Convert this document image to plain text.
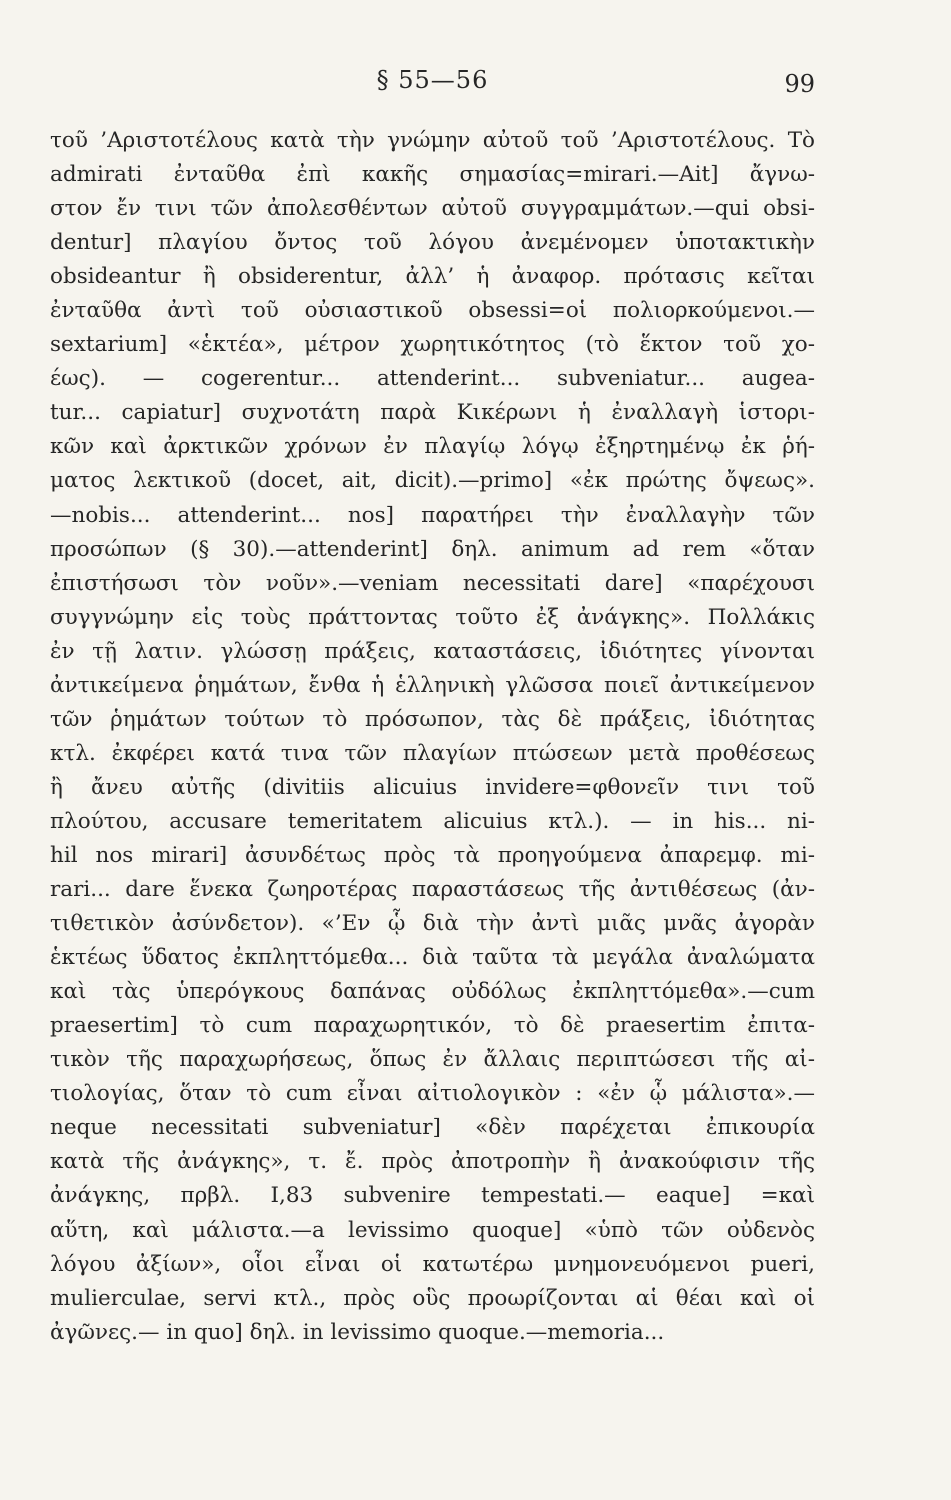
§ 55—56	99
τοῦ ’Αριστοτέλους κατὰ τὴν γνώμην αὐτοῦ τοῦ ’Αριστοτέλους. Τὸ
admirati ἐνταῦθα ἐπὶ κακῆς σημασίας=mirari.—Ait] ἄγνω-
στον ἔν τινι τῶν ἀπολεσθέντων αὐτοῦ συγγραμμάτων.—qui obsi-
dentur] πλαγίου ὄντος τοῦ λόγου ἀνεμένομεν ὑποτακτικὴν
obsideantur ἢ obsiderentur, ἀλλ’ ἡ ἀναφορ. πρότασις κεῖται
ἐνταῦθα ἀντὶ τοῦ οὐσιαστικοῦ obsessi=οἱ πολιορκούμενοι.—
sextarium] «ἑκτέα», μέτρον χωρητικότητος (τὸ ἕκτον τοῦ χο-
έως). — cogerentur... attenderint... subveniatur... augea-
tur... capiatur] συχνοτάτη παρὰ Κικέρωνι ἡ ἐναλλαγὴ ἱστορι-
κῶν καὶ ἀρκτικῶν χρόνων ἐν πλαγίῳ λόγῳ ἐξηρτημένῳ ἐκ ῥή-
ματος λεκτικοῦ (docet, ait, dicit).—primo] «ἐκ πρώτης ὄψεως».
—nobis... attenderint... nos] παρατήρει τὴν ἐναλλαγὴν τῶν
προσώπων (§ 30).—attenderint] δηλ. animum ad rem «ὅταν
ἐπιστήσωσι τὸν νοῦν».—veniam necessitati dare] «παρέχουσι
συγγνώμην εἰς τοὺς πράττοντας τοῦτο ἐξ ἀνάγκης». Πολλάκις
ἐν τῇ λατιν. γλώσσῃ πράξεις, καταστάσεις, ἰδιότητες γίνονται
ἀντικείμενα ῥημάτων, ἔνθα ἡ ἑλληνικὴ γλῶσσα ποιεῖ ἀντικείμενον
τῶν ῥημάτων τούτων τὸ πρόσωπον, τὰς δὲ πράξεις, ἰδιότητας
κτλ. ἐκφέρει κατά τινα τῶν πλαγίων πτώσεων μετὰ προθέσεως
ἢ ἄνευ αὐτῆς (divitiis alicuius invidere=φθονεῖν τινι τοῦ
πλούτου, accusare temeritatem alicuius κτλ.). — in his... ni-
hil nos mirari] ἀσυνδέτως πρὸς τὰ προηγούμενα ἀπαρεμφ. mi-
rari... dare ἕνεκα ζωηροτέρας παραστάσεως τῆς ἀντιθέσεως (ἀν-
τιθετικὸν ἀσύνδετον). «’Εν ᾧ διὰ τὴν ἀντὶ μιᾶς μνᾶς ἀγορὰν
ἑκτέως ὕδατος ἐκπληττόμεθα... διὰ ταῦτα τὰ μεγάλα ἀναλώματα
καὶ τὰς ὑπερόγκους δαπάνας οὐδόλως ἐκπληττόμεθα».—cum
praesertim] τὸ cum παραχωρητικόν, τὸ δὲ praesertim ἐπιτα-
τικὸν τῆς παραχωρήσεως, ὅπως ἐν ἄλλαις περιπτώσεσι τῆς αἰ-
τιολογίας, ὅταν τὸ cum εἶναι αἰτιολογικὸν : «ἐν ᾧ μάλιστα».—
neque necessitati subveniatur] «δὲν παρέχεται ἐπικουρία
κατὰ τῆς ἀνάγκης», τ. ἔ. πρὸς ἀποτροπὴν ἢ ἀνακούφισιν τῆς
ἀνάγκης, πρβλ. I,83 subvenire tempestati.— eaque] =καὶ
αὕτη, καὶ μάλιστα.—a levissimo quoque] «ὑπὸ τῶν οὐδενὸς
λόγου ἀξίων», οἷοι εἶναι οἱ κατωτέρω μνημονευόμενοι pueri,
mulierculae, servi κτλ., πρὸς οὓς προωρίζονται αἱ θέαι καὶ οἱ
ἀγῶνες.— in quo] δηλ. in levissimo quoque.—memoria...
